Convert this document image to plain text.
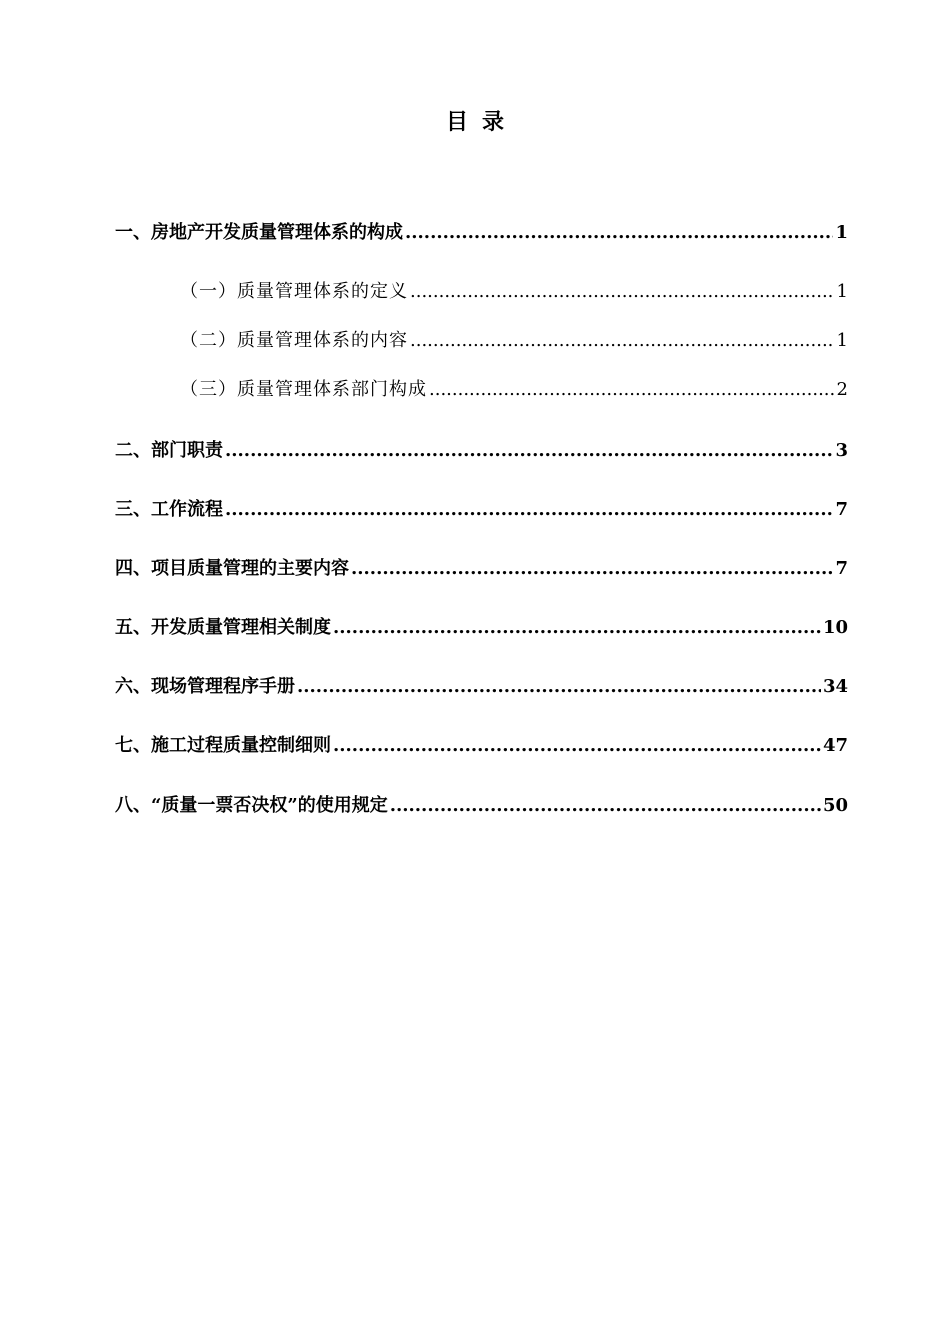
目录
一、房地产开发质量管理体系的构成 .....	1
（一）质量管理体系的定义 .....	1
（二）质量管理体系的内容 .....	1
（三）质量管理体系部门构成 .....	2
二、部门职责 .....	3
三、工作流程 .....	7
四、项目质量管理的主要内容 .....	7
五、开发质量管理相关制度 .....	10
六、现场管理程序手册 .....	34
七、施工过程质量控制细则 .....	47
八、“质量一票否决权”的使用规定 .....	50
